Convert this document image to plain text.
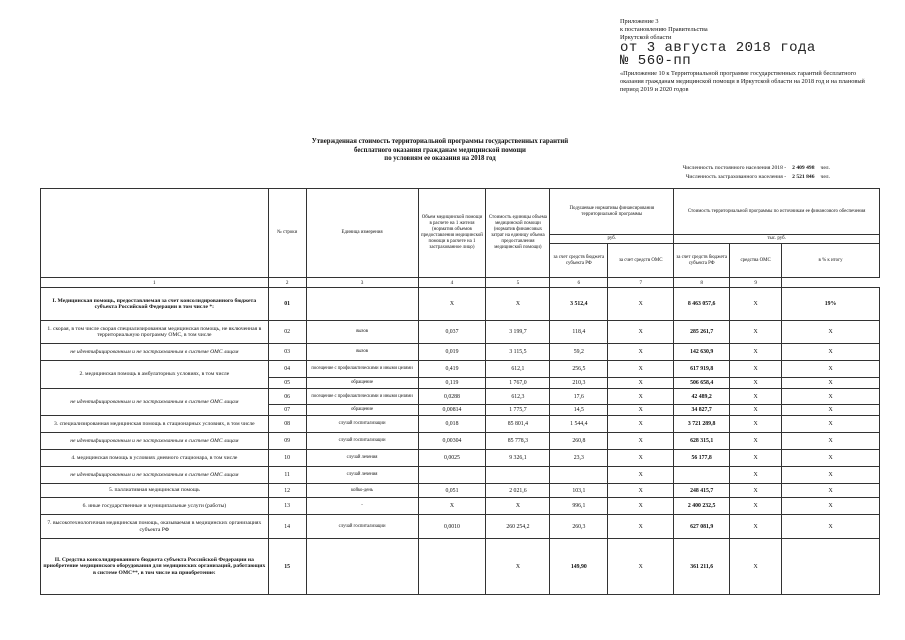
Приложение 3
к постановлению Правительства
Иркутской области
от 3 августа 2018 года
№ 560-пп
«Приложение 10 к Территориальной программе государственных гарантий бесплатного оказания гражданам медицинской помощи в Иркутской области на 2018 год и на плановый период 2019 и 2020 годов
Утвержденная стоимость территориальной программы государственных гарантий
бесплатного оказания гражданам медицинской помощи
по условиям ее оказания на 2018 год
Численность постоянного населения 2018 - 2 409 498 чел.
Численность застрахованного населения - 2 521 846 чел.
	№ строки	Единица измерения	Объем медицинской помощи в расчете на 1 жителя (норматив объемов предоставления медицинской помощи в расчете на 1 застрахованное лицо)	Стоимость единицы объема медицинской помощи (норматив финансовых затрат на единицу объема предоставления медицинской помощи)	Подушевые нормативы финансирования территориальной программы		Стоимость территориальной программы по источникам ее финансового обеспечения		
					руб.		тыс. руб.		
					за счет средств бюджета субъекта РФ	за счет средств ОМС	за счет средств бюджета субъекта РФ	средства ОМС	в % к итогу
1	2	3	4	5	6	7	8	9	
I. Медицинская помощь, предоставляемая за счет консолидированного бюджета субъекта Российской Федерации в том числе *:	01		Х	Х	3 512,4	Х	8 463 057,6	Х	19%
1. скорая, в том числе скорая специализированная медицинская помощь, не включенная в территориальную программу ОМС, в том числе	02	вызов	0,037	3 199,7	118,4	Х	285 261,7	Х	Х
не идентифицированным и не застрахованным в системе ОМС лицам	03	вызов	0,019	3 115,5	59,2	Х	142 630,9	Х	Х
2. медицинская помощь в амбулаторных условиях, в том числе	04	посещение с профилактическими и иными целями	0,419	612,1	256,5	Х	617 919,8	Х	Х
	05	обращение	0,119	1 767,0	210,3	Х	506 658,4	Х	Х
не идентифицированным и не застрахованным в системе ОМС лицам	06	посещение с профилактическими и иными целями	0,0288	612,3	17,6	Х	42 489,2	Х	Х
	07	обращение	0,00814	1 775,7	14,5	Х	34 827,7	Х	Х
3. специализированная медицинская помощь в стационарных условиях, в том числе	08	случай госпитализации	0,018	85 801,4	1 544,4	Х	3 721 289,8	Х	Х
не идентифицированным и не застрахованным в системе ОМС лицам	09	случай госпитализации	0,00304	85 778,3	260,8	Х	628 315,1	Х	Х
4. медицинская помощь в условиях дневного стационара, в том числе	10	случай лечения	0,0025	9 326,1	23,3	Х	56 177,8	Х	Х
не идентифицированным и не застрахованным в системе ОМС лицам	11	случай лечения				Х		Х	Х
5. паллиативная медицинская помощь	12	койко-день	0,051	2 021,6	103,1	Х	248 415,7	Х	Х
6. иные государственные и муниципальные услуги (работы)	13	-	Х	Х	996,1	Х	2 400 232,5	Х	Х
7. высокотехнологичная медицинская помощь, оказываемая в медицинских организациях субъекта РФ	14	случай госпитализации	0,0010	260 254,2	260,3	Х	627 081,9	Х	Х
II. Средства консолидированного бюджета субъекта Российской Федерации на приобретение медицинского оборудования для медицинских организаций, работающих в системе ОМС**, в том числе на приобретение:	15			Х	149,90	Х	361 211,6	Х	
